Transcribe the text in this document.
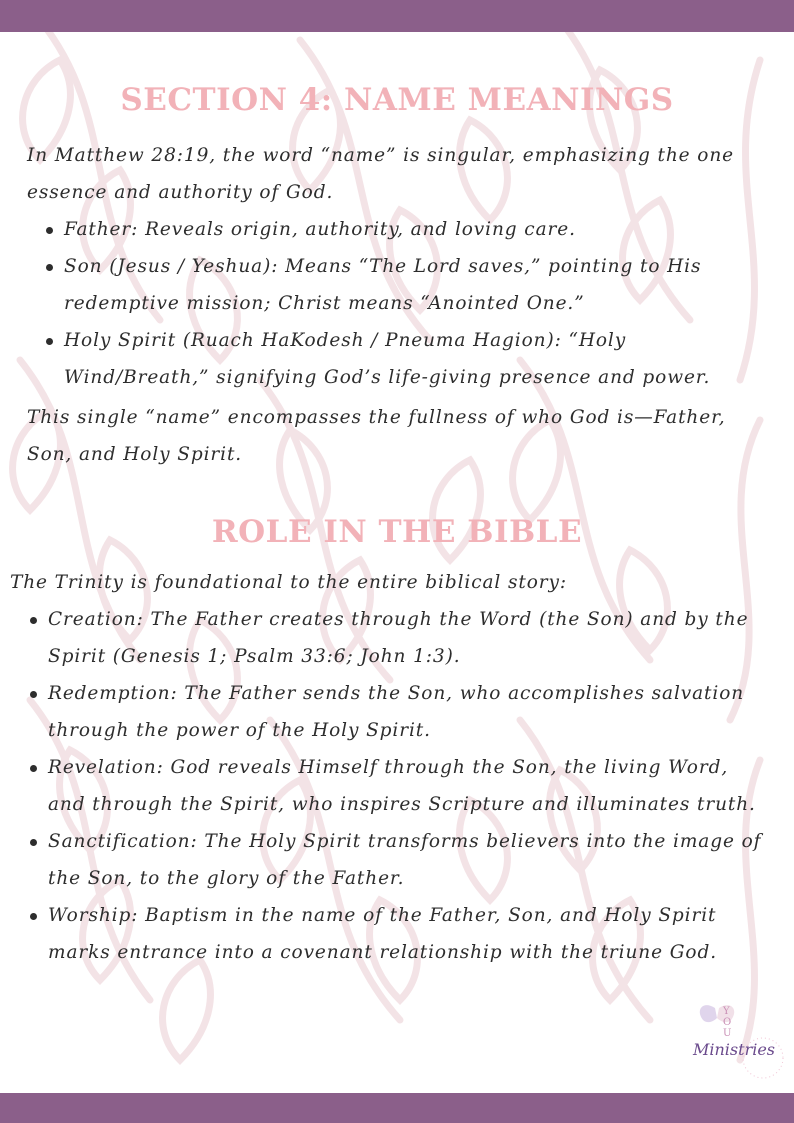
SECTION 4: NAME MEANINGS

In Matthew 28:19, the word “name” is singular, emphasizing the one essence and authority of God.

Father: Reveals origin, authority, and loving care.
Son (Jesus / Yeshua): Means “The Lord saves,” pointing to His redemptive mission; Christ means “Anointed One.”
Holy Spirit (Ruach HaKodesh / Pneuma Hagion): “Holy Wind/Breath,” signifying God’s life-giving presence and power.

This single “name” encompasses the fullness of who God is—Father, Son, and Holy Spirit.

ROLE IN THE BIBLE

The Trinity is foundational to the entire biblical story:

Creation: The Father creates through the Word (the Son) and by the Spirit (Genesis 1; Psalm 33:6; John 1:3).
Redemption: The Father sends the Son, who accomplishes salvation through the power of the Holy Spirit.
Revelation: God reveals Himself through the Son, the living Word, and through the Spirit, who inspires Scripture and illuminates truth.
Sanctification: The Holy Spirit transforms believers into the image of the Son, to the glory of the Father.
Worship: Baptism in the name of the Father, Son, and Holy Spirit marks entrance into a covenant relationship with the triune God.
Y
O
U
Ministries
